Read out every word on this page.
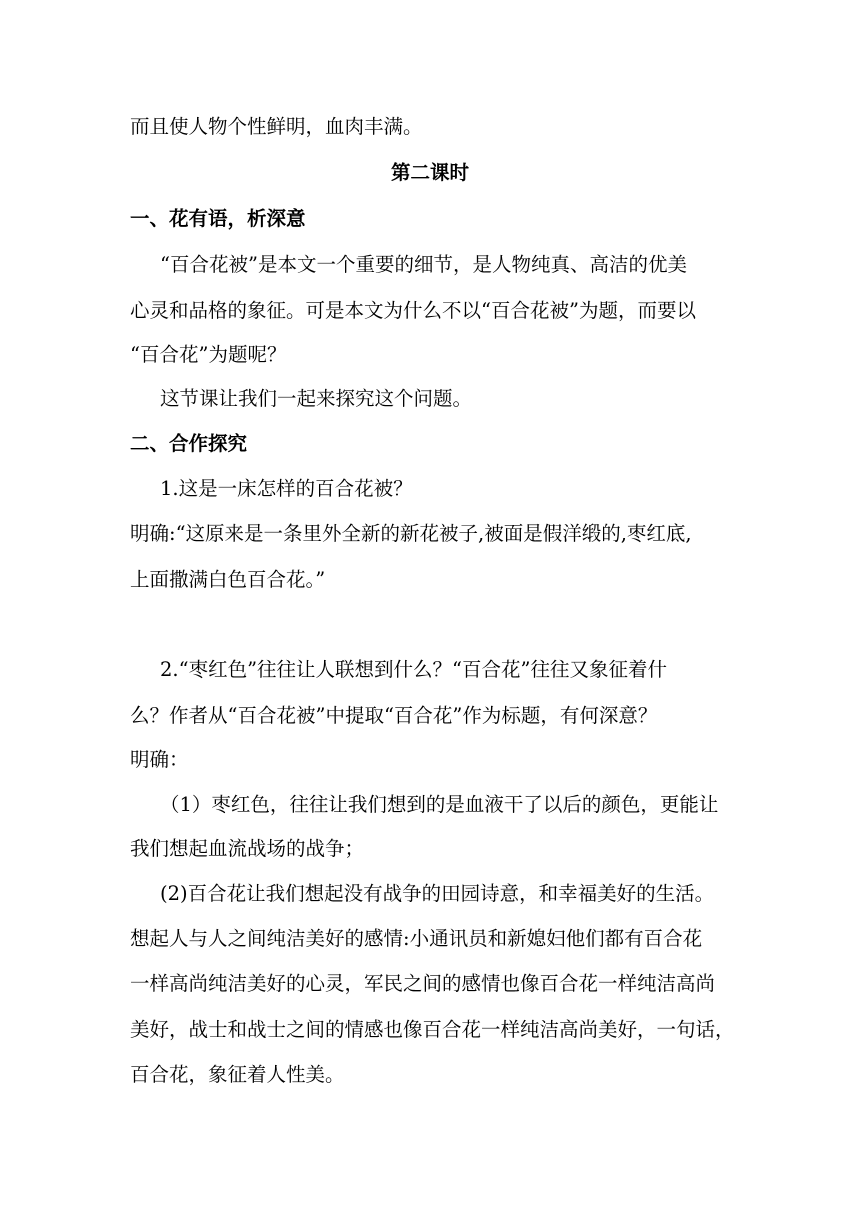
而且使人物个性鲜明，血肉丰满。
第二课时
一、花有语，析深意
“百合花被”是本文一个重要的细节，是人物纯真、高洁的优美
心灵和品格的象征。可是本文为什么不以“百合花被”为题，而要以
“百合花”为题呢？
这节课让我们一起来探究这个问题。
二、合作探究
1.这是一床怎样的百合花被？
明确:“这原来是一条里外全新的新花被子,被面是假洋缎的,枣红底,
上面撒满白色百合花。”
2.“枣红色”往往让人联想到什么？“百合花”往往又象征着什
么？作者从“百合花被”中提取“百合花”作为标题，有何深意？
明确：
（1）枣红色，往往让我们想到的是血液干了以后的颜色，更能让
我们想起血流战场的战争；
(2)百合花让我们想起没有战争的田园诗意，和幸福美好的生活。
想起人与人之间纯洁美好的感情:小通讯员和新媳妇他们都有百合花
一样高尚纯洁美好的心灵，军民之间的感情也像百合花一样纯洁高尚
美好，战士和战士之间的情感也像百合花一样纯洁高尚美好，一句话，
百合花，象征着人性美。
